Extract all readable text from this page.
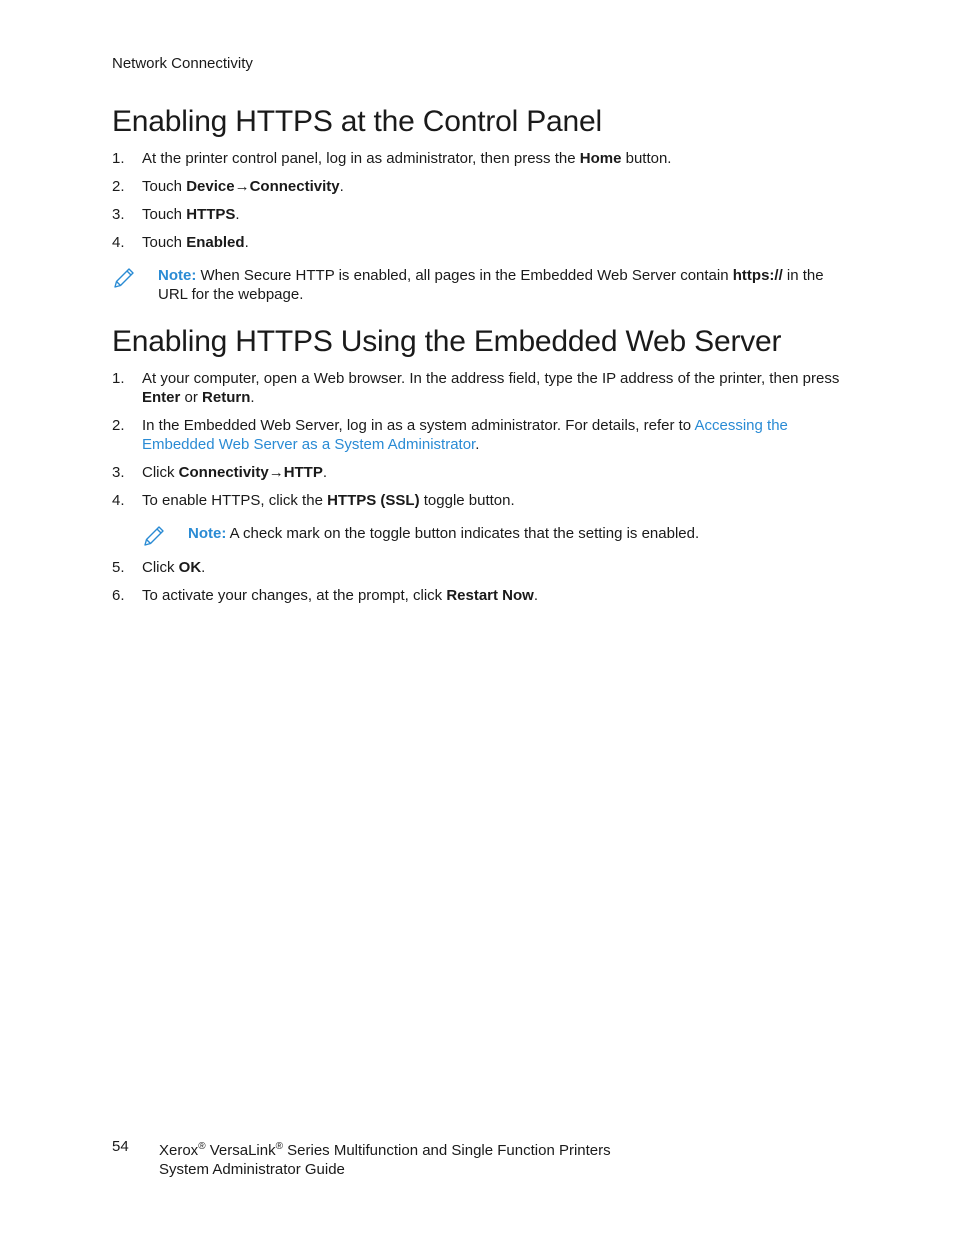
Network Connectivity
Enabling HTTPS at the Control Panel
1. At the printer control panel, log in as administrator, then press the Home button.
2. Touch Device→Connectivity.
3. Touch HTTPS.
4. Touch Enabled.
Note: When Secure HTTP is enabled, all pages in the Embedded Web Server contain https:// in the URL for the webpage.
Enabling HTTPS Using the Embedded Web Server
1. At your computer, open a Web browser. In the address field, type the IP address of the printer, then press Enter or Return.
2. In the Embedded Web Server, log in as a system administrator. For details, refer to Accessing the Embedded Web Server as a System Administrator.
3. Click Connectivity→HTTP.
4. To enable HTTPS, click the HTTPS (SSL) toggle button.
Note: A check mark on the toggle button indicates that the setting is enabled.
5. Click OK.
6. To activate your changes, at the prompt, click Restart Now.
54 Xerox® VersaLink® Series Multifunction and Single Function Printers
System Administrator Guide
